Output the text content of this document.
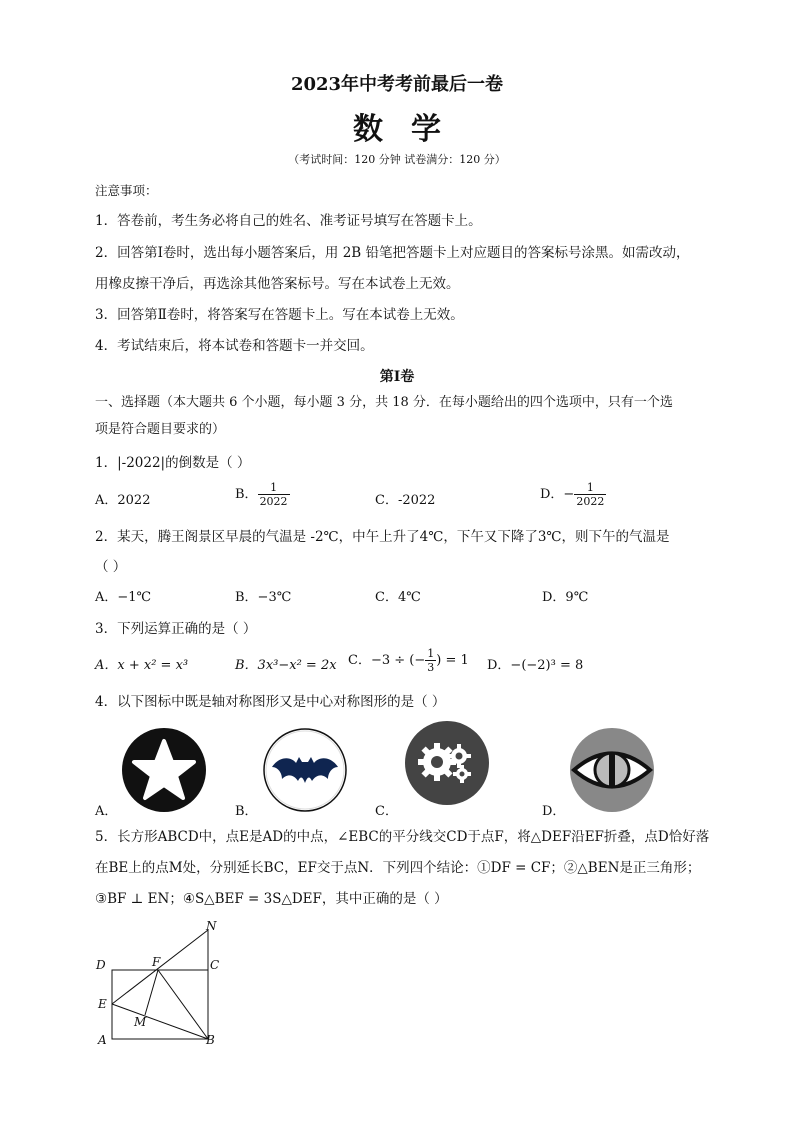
2023年中考考前最后一卷
数学
（考试时间：120 分钟 试卷满分：120 分）
注意事项：
1．答卷前，考生务必将自己的姓名、准考证号填写在答题卡上。
2．回答第Ⅰ卷时，选出每小题答案后，用 2B 铅笔把答题卡上对应题目的答案标号涂黑。如需改动，
用橡皮擦干净后，再选涂其他答案标号。写在本试卷上无效。
3．回答第Ⅱ卷时，将答案写在答题卡上。写在本试卷上无效。
4．考试结束后，将本试卷和答题卡一并交回。
第Ⅰ卷
一、选择题（本大题共 6 个小题，每小题 3 分，共 18 分．在每小题给出的四个选项中，只有一个选
项是符合题目要求的）
1．|-2022|的倒数是（ ）
A．2022	B． $\frac{1}{2022}$	C．-2022	D．− $\frac{1}{2022}$
2．某天，腾王阁景区早晨的气温是 -2℃，中午上升了4℃，下午又下降了3℃，则下午的气温是
（ ）
A．−1℃	B．−3℃	C．4℃	D．9℃
3．下列运算正确的是（ ）
A．x + x² = x³	B．3x³−x² = 2x C．−3 ÷ (− $\frac{1}{3}$ ) = 1 D．−(−2)³ = 8
4．以下图标中既是轴对称图形又是中心对称图形的是（ ）
A．	B．	C．	D．
5．长方形ABCD中，点E是AD的中点，∠EBC的平分线交CD于点F，将△DEF沿EF折叠，点D恰好落
在BE上的点M处，分别延长BC，EF交于点N．下列四个结论：①DF = CF；②△BEN是正三角形；
③BF ⊥ EN；④S△BEF = 3S△DEF，其中正确的是（ ）
N
D	F	C
E
M
A	B
